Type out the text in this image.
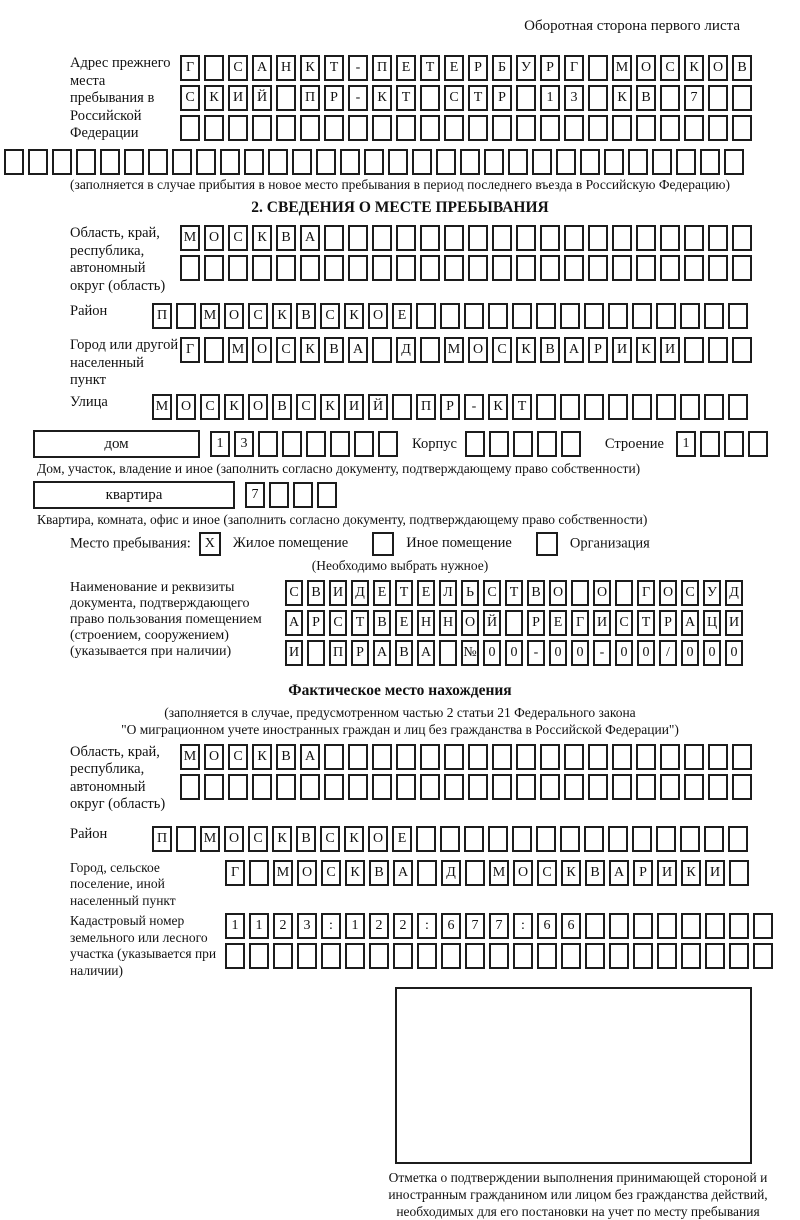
Оборотная сторона первого листа
Адрес прежнего места пребывания в Российской Федерации
Г	С А Н К Т - П Е Т Е Р Б У Р Г	М О С К О В
С К И Й	П Р - К Т	С Т Р	1 3	К В	7
(заполняется в случае прибытия в новое место пребывания в период последнего въезда в Российскую Федерацию)
2. СВЕДЕНИЯ О МЕСТЕ ПРЕБЫВАНИЯ
Область, край, республика, автономный округ (область)
М О С К В А
Район	П	М О С К В С К О Е
Город или другой населенный пункт
Г	М О С К В А	Д	М О С К В А Р И К И
Улица	М О С К О В С К И Й	П Р - К Т
дом	1 3	Корпус	Строение 1
Дом, участок, владение и иное (заполнить согласно документу, подтверждающему право собственности)
квартира	7
Квартира, комната, офис и иное (заполнить согласно документу, подтверждающему право собственности)
Место пребывания: X Жилое помещение	Иное помещение	Организация
(Необходимо выбрать нужное)
Наименование и реквизиты документа, подтверждающего право пользования помещением (строением, сооружением) (указывается при наличии)
С В И Д Е Т Е Л Ь С Т В О О Г О С У Д
А Р С Т В Е Н Н О Й	Р Е Г И С Т Р А Ц И
И П Р А В А № 0 0 - 0 0 - 0 0 / 0 0 0
Фактическое место нахождения
(заполняется в случае, предусмотренном частью 2 статьи 21 Федерального закона
"О миграционном учете иностранных граждан и лиц без гражданства в Российской Федерации")
Область, край, республика, автономный округ (область)
М О С К В А
Район	П	М О С К В С К О Е
Город, сельское поселение, иной населенный пункт
Г	М О С К В А	Д	М О С К В А Р И К И
Кадастровый номер земельного или лесного участка (указывается при наличии)
1 1 2 3 : 1 2 2 : 6 7 7 : 6 6
Отметка о подтверждении выполнения принимающей стороной и иностранным гражданином или лицом без гражданства действий, необходимых для его постановки на учет по месту пребывания
